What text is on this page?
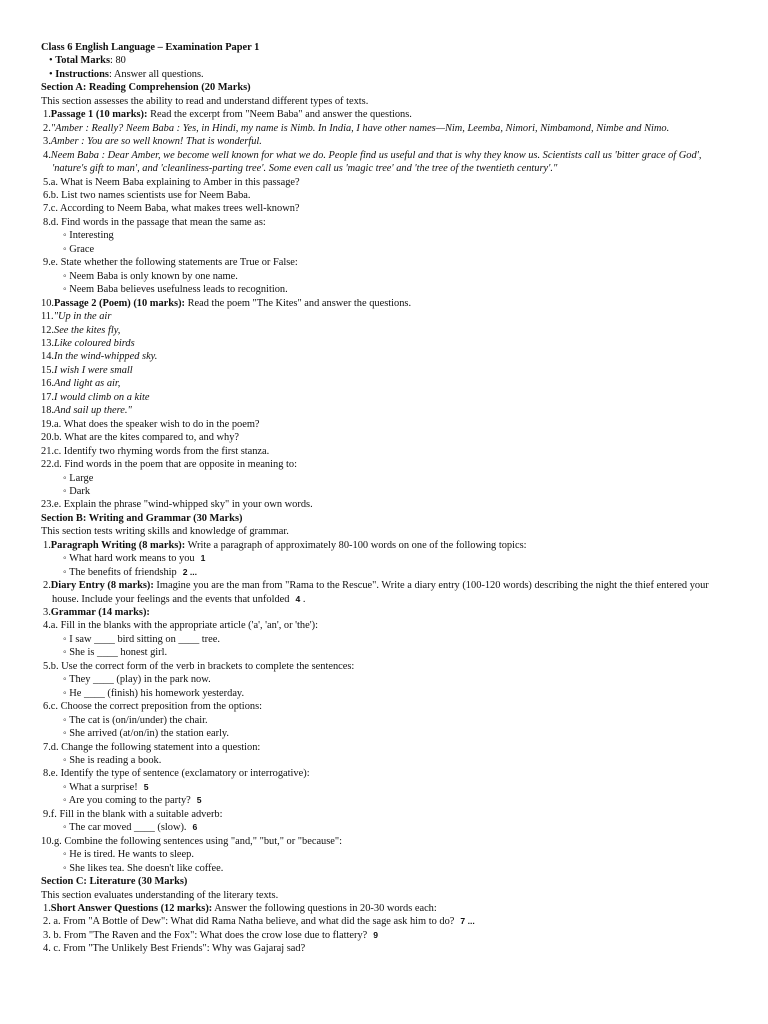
Class 6 English Language – Examination Paper 1
• Total Marks: 80
• Instructions: Answer all questions.
Section A: Reading Comprehension (20 Marks)
This section assesses the ability to read and understand different types of texts.
1.Passage 1 (10 marks): Read the excerpt from "Neem Baba" and answer the questions.
2."Amber : Really? Neem Baba : Yes, in Hindi, my name is Nimb. In India, I have other names—Nim, Leemba, Nimori, Nimbamond, Nimbe and Nimo.
3.Amber : You are so well known! That is wonderful.
4.Neem Baba : Dear Amber, we become well known for what we do. People find us useful and that is why they know us. Scientists call us 'bitter grace of God', 'nature's gift to man', and 'cleanliness-parting tree'. Some even call us 'magic tree' and 'the tree of the twentieth century'."
5.a. What is Neem Baba explaining to Amber in this passage?
6.b. List two names scientists use for Neem Baba.
7.c. According to Neem Baba, what makes trees well-known?
8.d. Find words in the passage that mean the same as:
◦ Interesting
◦ Grace
9.e. State whether the following statements are True or False:
◦ Neem Baba is only known by one name.
◦ Neem Baba believes usefulness leads to recognition.
10.Passage 2 (Poem) (10 marks): Read the poem "The Kites" and answer the questions.
11."Up in the air
12.See the kites fly,
13.Like coloured birds
14.In the wind-whipped sky.
15.I wish I were small
16.And light as air,
17.I would climb on a kite
18.And sail up there."
19.a. What does the speaker wish to do in the poem?
20.b. What are the kites compared to, and why?
21.c. Identify two rhyming words from the first stanza.
22.d. Find words in the poem that are opposite in meaning to:
◦ Large
◦ Dark
23.e. Explain the phrase "wind-whipped sky" in your own words.
Section B: Writing and Grammar (30 Marks)
This section tests writing skills and knowledge of grammar.
1.Paragraph Writing (8 marks): Write a paragraph of approximately 80-100 words on one of the following topics:
◦ What hard work means to you 1
◦ The benefits of friendship 2 ...
2.Diary Entry (8 marks): Imagine you are the man from "Rama to the Rescue". Write a diary entry (100-120 words) describing the night the thief entered your house. Include your feelings and the events that unfolded 4 .
3.Grammar (14 marks):
4.a. Fill in the blanks with the appropriate article ('a', 'an', or 'the'):
◦ I saw ____ bird sitting on ____ tree.
◦ She is ____ honest girl.
5.b. Use the correct form of the verb in brackets to complete the sentences:
◦ They ____ (play) in the park now.
◦ He ____ (finish) his homework yesterday.
6.c. Choose the correct preposition from the options:
◦ The cat is (on/in/under) the chair.
◦ She arrived (at/on/in) the station early.
7.d. Change the following statement into a question:
◦ She is reading a book.
8.e. Identify the type of sentence (exclamatory or interrogative):
◦ What a surprise! 5
◦ Are you coming to the party? 5
9.f. Fill in the blank with a suitable adverb:
◦ The car moved ____ (slow). 6
10.g. Combine the following sentences using "and," "but," or "because":
◦ He is tired. He wants to sleep.
◦ She likes tea. She doesn't like coffee.
Section C: Literature (30 Marks)
This section evaluates understanding of the literary texts.
1.Short Answer Questions (12 marks): Answer the following questions in 20-30 words each:
2. a. From "A Bottle of Dew": What did Rama Natha believe, and what did the sage ask him to do? 7 ...
3. b. From "The Raven and the Fox": What does the crow lose due to flattery? 9
4. c. From "The Unlikely Best Friends": Why was Gajaraj sad?
